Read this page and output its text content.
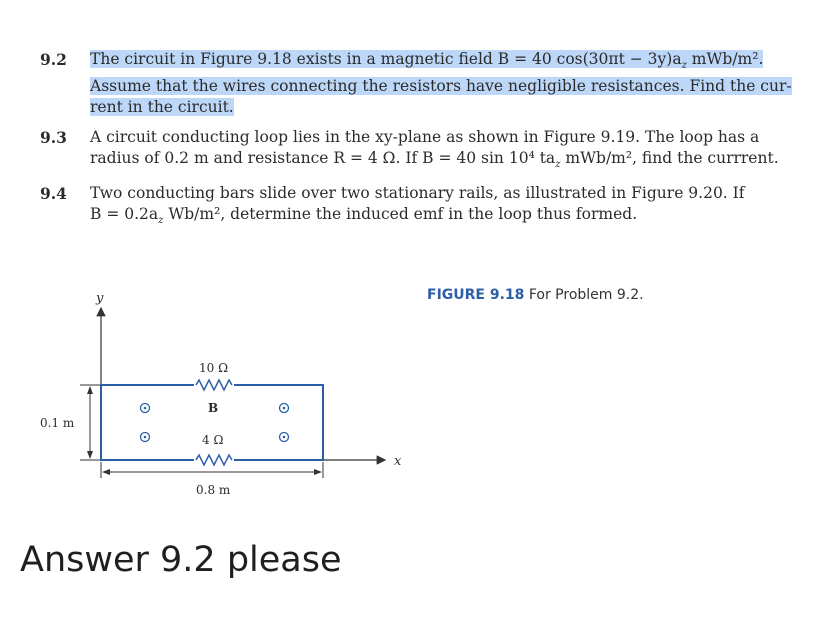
9.2 The circuit in Figure 9.18 exists in a magnetic field B = 40 $\cos(30\pi t - 3y)a_z$ mWb/m².
Assume that the wires connecting the resistors have negligible resistances. Find the cur-
rent in the circuit.
9.3 A circuit conducting loop lies in the xy-plane as shown in Figure 9.19. The loop has a
radius of 0.2 m and resistance R = 4 Ω. If B = 40 sin 10⁴ $ta_z$ mWb/m², find the currrent.
9.4 Two conducting bars slide over two stationary rails, as illustrated in Figure 9.20. If
$B = 0.2a_z$ Wb/m², determine the induced emf in the loop thus formed.
y
x
0.1 m
10 Ω
4 Ω
B
0.8 m
FIGURE 9.18 For Problem 9.2.
Answer 9.2 please
